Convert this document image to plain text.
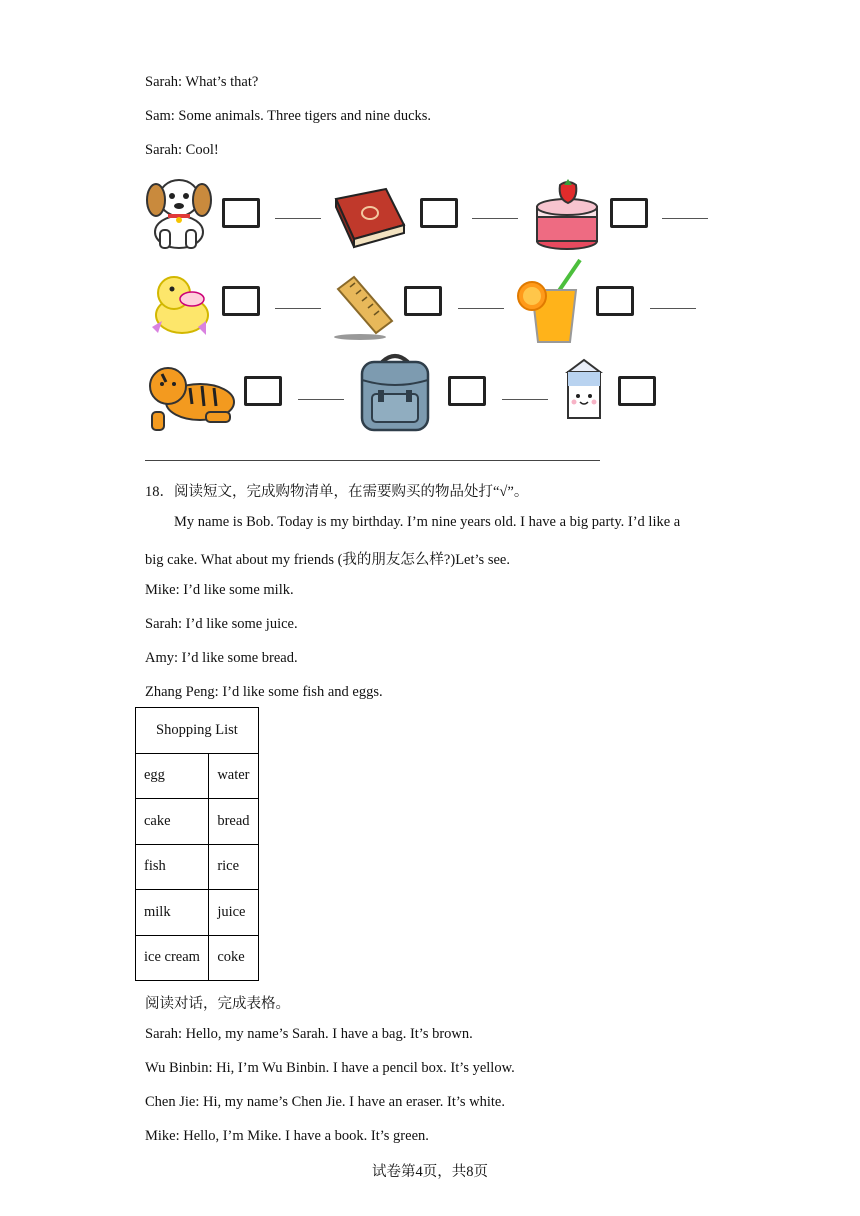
Sarah: What’s that?
Sam: Some animals. Three tigers and nine ducks.
Sarah: Cool!
18．阅读短文，完成购物清单，在需要购买的物品处打“√”。
My name is Bob. Today is my birthday. I’m nine years old. I have a big party. I’d like a
big cake. What about my friends (我的朋友怎么样?)Let’s see.
Mike: I’d like some milk.
Sarah: I’d like some juice.
Amy: I’d like some bread.
Zhang Peng: I’d like some fish and eggs.
Shopping List	
egg	water
cake	bread
fish	rice
milk	juice
ice cream	coke
阅读对话，完成表格。
Sarah: Hello, my name’s Sarah. I have a bag. It’s brown.
Wu Binbin: Hi, I’m Wu Binbin. I have a pencil box. It’s yellow.
Chen Jie: Hi, my name’s Chen Jie. I have an eraser. It’s white.
Mike: Hello, I’m Mike. I have a book. It’s green.
试卷第4页，共8页
